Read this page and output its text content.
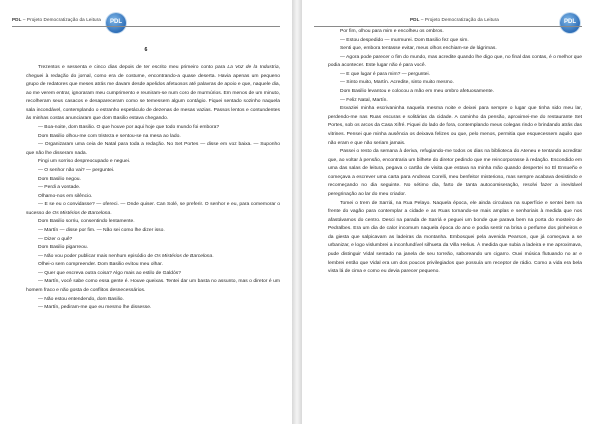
PDL – Projeto Democratização da Leitura	PDL
6

Trezentos e sessenta e cinco dias depois de ter escrito meu primeiro conto para La Voz de la Industria, cheguei à redação do jornal, como era de costume, encontrando-a quase deserta. Havia apenas um pequeno grupo de redatores que meses atrás me davam desde apelidos afetuosos até palavras de apoio e que, naquele dia, ao me verem entrar, ignoraram meu cumprimento e reuniram-se num coro de murmúrios. Em menos de um minuto, recolheram seus casacos e desapareceram como se temessem algum contágio. Fiquei sentado sozinho naquela sala incondável, contemplando o estranho espetáculo de dezenas de mesas vazias. Passos lentos e contundentes às minhas costas anunciaram que dom Basilio estava chegando.

— Boa-noite, dom Basilio. O que houve por aqui hoje que todo mundo foi embora?

Dom Basilio olhou-me com tristeza e sentou-se na mesa ao lado.

— Organizaram uma ceia de Natal para toda a redação. No Set Portes — disse em voz baixa. — Suponho que não lhe disseram nada.

Fingi um sorriso despreocupado e neguei.

— O senhor não vai? — perguntei.

Dom Basilio negou.

— Perdi a vontade.

Olhamo-nos em silêncio.

— E se eu o convidasse? — ofereci. — Onde quiser. Can Solé, se preferir. O senhor e eu, para comemorar o sucesso de Os Mistérios de Barcelona.

Dom Basilio sorriu, consentindo lentamente.

— Martín — disse por fim. — Não sei como lhe dizer isso.

— Dizer o quê?

Dom Basilio pigarreou.

— Não vou poder publicar mais nenhum episódio de Os Mistérios de Barcelona.

Olhei-o sem compreender. Dom Basilio evitou meu olhar.

— Quer que escreva outra coisa? Algo mais ao estilo de Galdós?

— Martín, você sabe como essa gente é. Houve queixas. Tentei dar um basta no assunto, mas o diretor é um homem fraco e não gosta de conflitos desnecessários.

— Não estou entendendo, dom Basilio.

— Martín, pediram-me que eu mesmo lhe dissesse.

PDL – Projeto Democratização da Leitura	PDL

Por fim, olhou para mim e encolheu os ombros.

— Estou despedido — murmurei. Dom Basilio fez que sim.

Senti que, embora tentasse evitar, meus olhos enchiam-se de lágrimas.

— Agora pode parecer o fim do mundo, mas acredite quando lhe digo que, no final das contas, é o melhor que podia acontecer. Este lugar não é para você.

— E que lugar é para mim? — perguntei.

— Sinto muito, Martín. Acredite, sinto muito mesmo.

Dom Basilio levantou e colocou a mão em meu ombro afetuosamente.

— Feliz Natal, Martín.

Esvaziei minha escrivaninha naquela mesma noite e deixei para sempre o lugar que tinha sido meu lar, perdendo-me nas Ruas escuras e solitárias da cidade. A caminho da pensão, aproximei-me do restaurante Set Portes, sob os arcos da Casa Xifré. Fiquei do lado de fora, contemplando meus colegas rindo e brindando atrás das vitrines. Pensei que minha ausência os deixava felizes ou que, pelo menos, permitia que esquecessem aquilo que não eram e que não seriam jamais.

Passei o resto da semana à deriva, refugiando-me todos os dias na biblioteca do Ateneu e tentando acreditar que, ao voltar à pensão, encontraria um bilhete do diretor pedindo que me reincorporasse à redação. Escondido em uma das salas de leitura, pegava o cartão de visita que estava na minha mão quando despertei no El Ensueño e começava a escrever uma carta para Andreas Corelli, meu benfeitor misterioso, mas sempre acabava desistindo e recomeçando no dia seguinte. No sétimo dia, farto de tanta autocomiseração, resolvi fazer a inevitável peregrinação ao lar do meu criador.

Tomei o trem de Sarriá, na Rua Pelayo. Naquela época, ele ainda circulava na superfície e sentei bem na frente do vagão para contemplar a cidade e as Ruas tornando-se mais amplas e senhoriais à medida que nos afastávamos do centro. Desci na parada de Sarriá e peguei um bonde que parava bem na porta do mosteiro de Pedralbes. Era um dia de calor incomum naquela época do ano e podia sentir na brisa o perfume dos pinheiros e da giesta que salpicavam as ladeiras da montanha. Embosquei pela avenida Pearson, que já começava a se urbanizar, e logo vislumbrei a inconfundível silhueta da Villa Helius. À medida que subia a ladeira e me aproximava, pude distinguir Vidal sentado na janela de seu torreão, saboreando um cigarro. Ouvi música flutuando no ar e lembrei então que Vidal era um dos poucos privilegiados que possuía um receptor de rádio. Como a vida era bela vista lá de cima e como eu devia parecer pequeno.
